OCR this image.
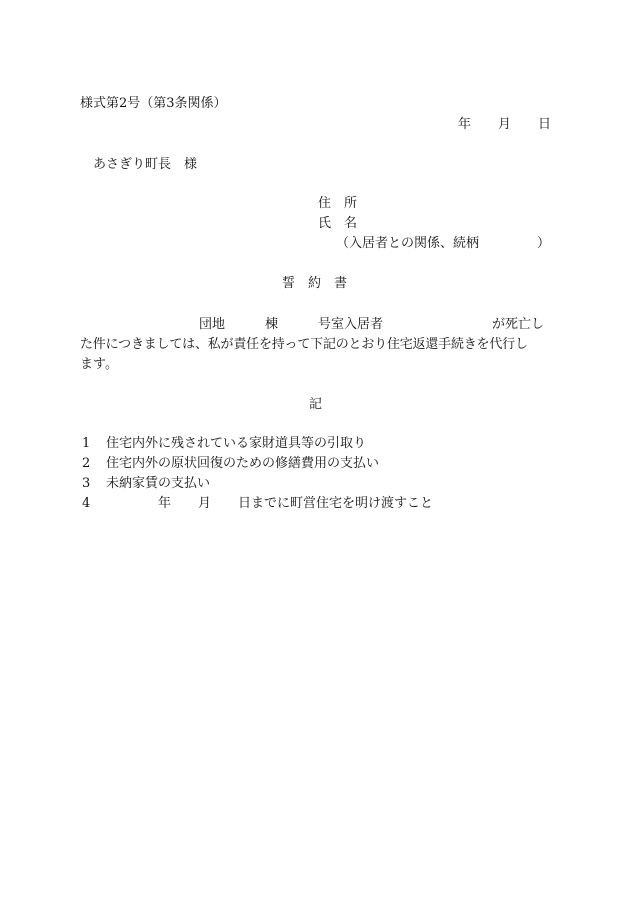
様式第2号（第3条関係）
年 月 日
あさぎり町長　様
住　所
氏　名
（入居者との関係、続柄	）
誓　約　書
団地	棟	号室入居者	が死亡し
た件につきましては、私が責任を持って下記のとおり住宅返還手続きを代行し
ます。
記
1 住宅内外に残されている家財道具等の引取り
2 住宅内外の原状回復のための修繕費用の支払い
3 未納家賃の支払い
4	年 月 日までに町営住宅を明け渡すこと
